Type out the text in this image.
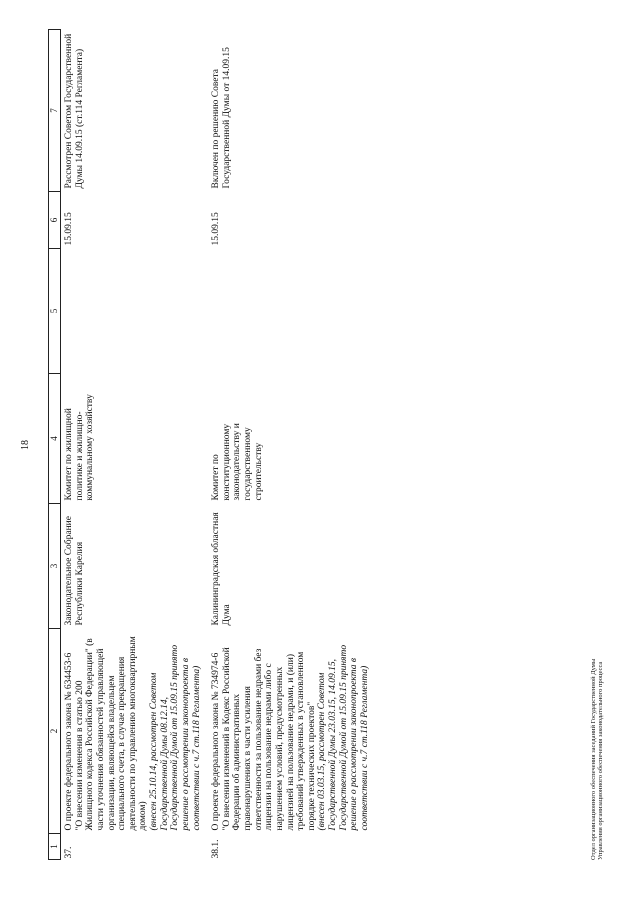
18
1	2	3	4	5	6	7
37.	О проекте федерального закона № 634453-6 "О внесении изменения в статью 200 Жилищного кодекса Российской Федерации" (в части уточнения обязанностей управляющей организации, являющейся владельцем специального счета, в случае прекращения деятельности по управлению многоквартирным домом) (внесен 25.10.14, рассмотрен Советом Государственной Думы 08.12.14, Государственной Думой от 15.09.15 принято решение о рассмотрении законопроекта в соответствии с ч.7 ст.118 Регламента)	Законодательное Собрание Республики Карелия	Комитет по жилищной политике и жилищно-коммунальному хозяйству		15.09.15	Рассмотрен Советом Государственной Думы 14.09.15 (ст.114 Регламента)
38.1.	О проекте федерального закона № 734974-6 "О внесении изменений в Кодекс Российской Федерации об административных правонарушениях в части усиления ответственности за пользование недрами без лицензии на пользование недрами либо с нарушением условий, предусмотренных лицензией на пользование недрами, и (или) требований утвержденных в установленном порядке технических проектов" (внесен 03.03.15, рассмотрен Советом Государственной Думы 23.03.15, 14.09.15, Государственной Думой от 15.09.15 принято решение о рассмотрении законопроекта в соответствии с ч.7 ст.118 Регламента)	Калининградская областная Дума	Комитет по конституционному законодательству и государственному строительству		15.09.15	Включен по решению Совета Государственной Думы от 14.09.15
Отдел организационного обеспечения заседаний Государственной Думы Управления организационного обеспечения законодательного процесса
